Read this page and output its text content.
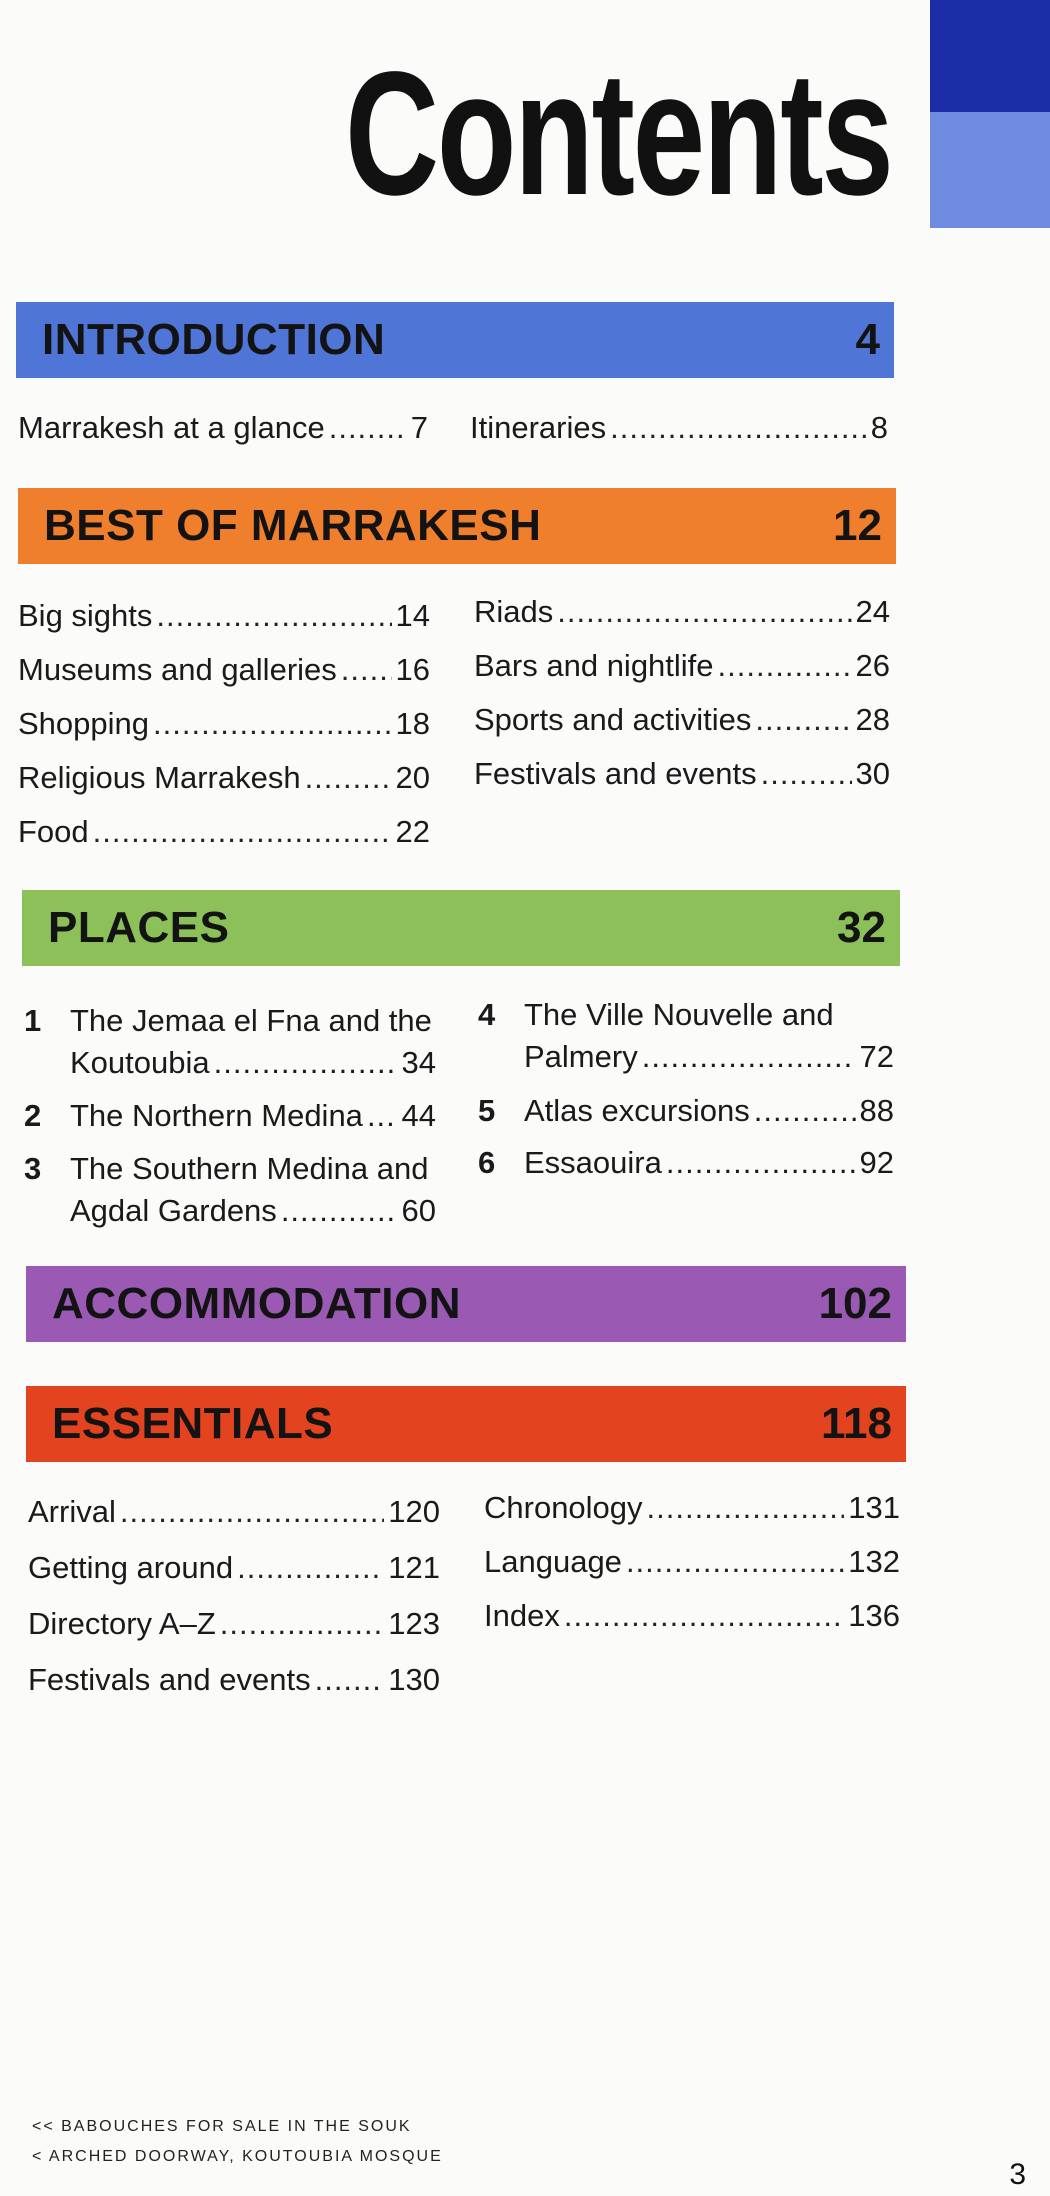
Contents
INTRODUCTION	4
Marrakesh at a glance .....	7 Itineraries .....	8
BEST OF MARRAKESH	12
Big sights .....	14
Museums and galleries ..... 16
Shopping .....	18
Religious Marrakesh .....	20
Food .....	22
Riads .....	24
Bars and nightlife .....	26
Sports and activities .....	28
Festivals and events .....	30
PLACES	32
1 The Jemaa el Fna and the
Koutoubia .....	34
2 The Northern Medina ..... 44
3 The Southern Medina and
Agdal Gardens .....	60
4 The Ville Nouvelle and
Palmery .....	72
5 Atlas excursions .....	88
6 Essaouira .....	92
ACCOMMODATION	102
ESSENTIALS	118
Arrival .....	120
Getting around .....	121
Directory A–Z .....	123
Festivals and events .....	130
Chronology .....	131
Language .....	132
Index .....	136
<< BABOUCHES FOR SALE IN THE SOUK
< ARCHED DOORWAY, KOUTOUBIA MOSQUE
3
